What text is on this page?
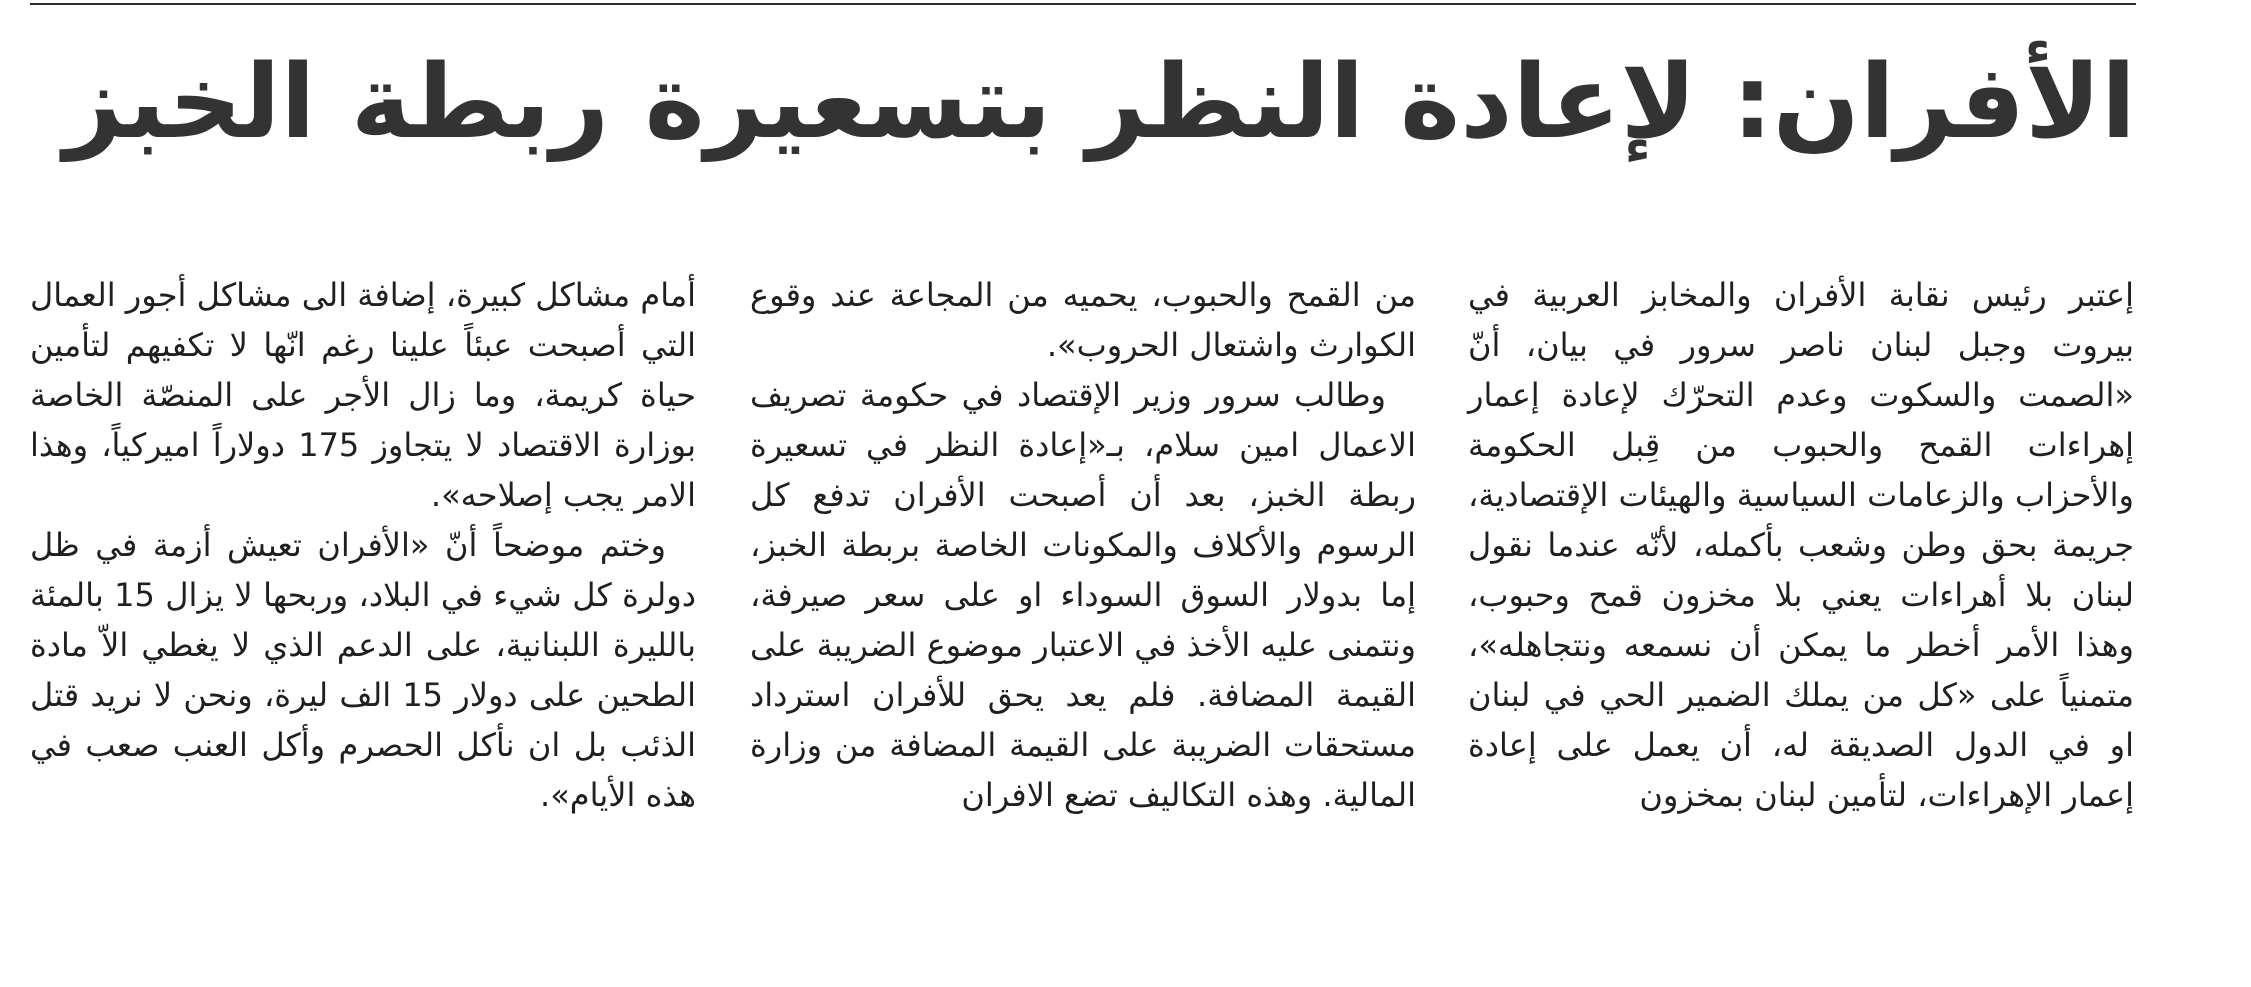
الأفران: لإعادة النظر بتسعيرة ربطة الخبز

إعتبر رئيس نقابة الأفران والمخابز العربية في بيروت وجبل لبنان ناصر سرور في بيان، أنّ «الصمت والسكوت وعدم التحرّك لإعادة إعمار إهراءات القمح والحبوب من قِبل الحكومة والأحزاب والزعامات السياسية والهيئات الإقتصادية، جريمة بحق وطن وشعب بأكمله، لأنّه عندما نقول لبنان بلا أهراءات يعني بلا مخزون قمح وحبوب، وهذا الأمر أخطر ما يمكن أن نسمعه ونتجاهله»، متمنياً على «كل من يملك الضمير الحي في لبنان او في الدول الصديقة له، أن يعمل على إعادة إعمار الإهراءات، لتأمين لبنان بمخزون

من القمح والحبوب، يحميه من المجاعة عند وقوع الكوارث واشتعال الحروب».

وطالب سرور وزير الإقتصاد في حكومة تصريف الاعمال امين سلام، بـ«إعادة النظر في تسعيرة ربطة الخبز، بعد أن أصبحت الأفران تدفع كل الرسوم والأكلاف والمكونات الخاصة بربطة الخبز، إما بدولار السوق السوداء او على سعر صيرفة، ونتمنى عليه الأخذ في الاعتبار موضوع الضريبة على القيمة المضافة. فلم يعد يحق للأفران استرداد مستحقات الضريبة على القيمة المضافة من وزارة المالية. وهذه التكاليف تضع الافران

أمام مشاكل كبيرة، إضافة الى مشاكل أجور العمال التي أصبحت عبئاً علينا رغم انّها لا تكفيهم لتأمين حياة كريمة، وما زال الأجر على المنصّة الخاصة بوزارة الاقتصاد لا يتجاوز 175 دولاراً اميركياً، وهذا الامر يجب إصلاحه».

وختم موضحاً أنّ «الأفران تعيش أزمة في ظل دولرة كل شيء في البلاد، وربحها لا يزال 15 بالمئة بالليرة اللبنانية، على الدعم الذي لا يغطي الاّ مادة الطحين على دولار 15 الف ليرة، ونحن لا نريد قتل الذئب بل ان نأكل الحصرم وأكل العنب صعب في هذه الأيام».
